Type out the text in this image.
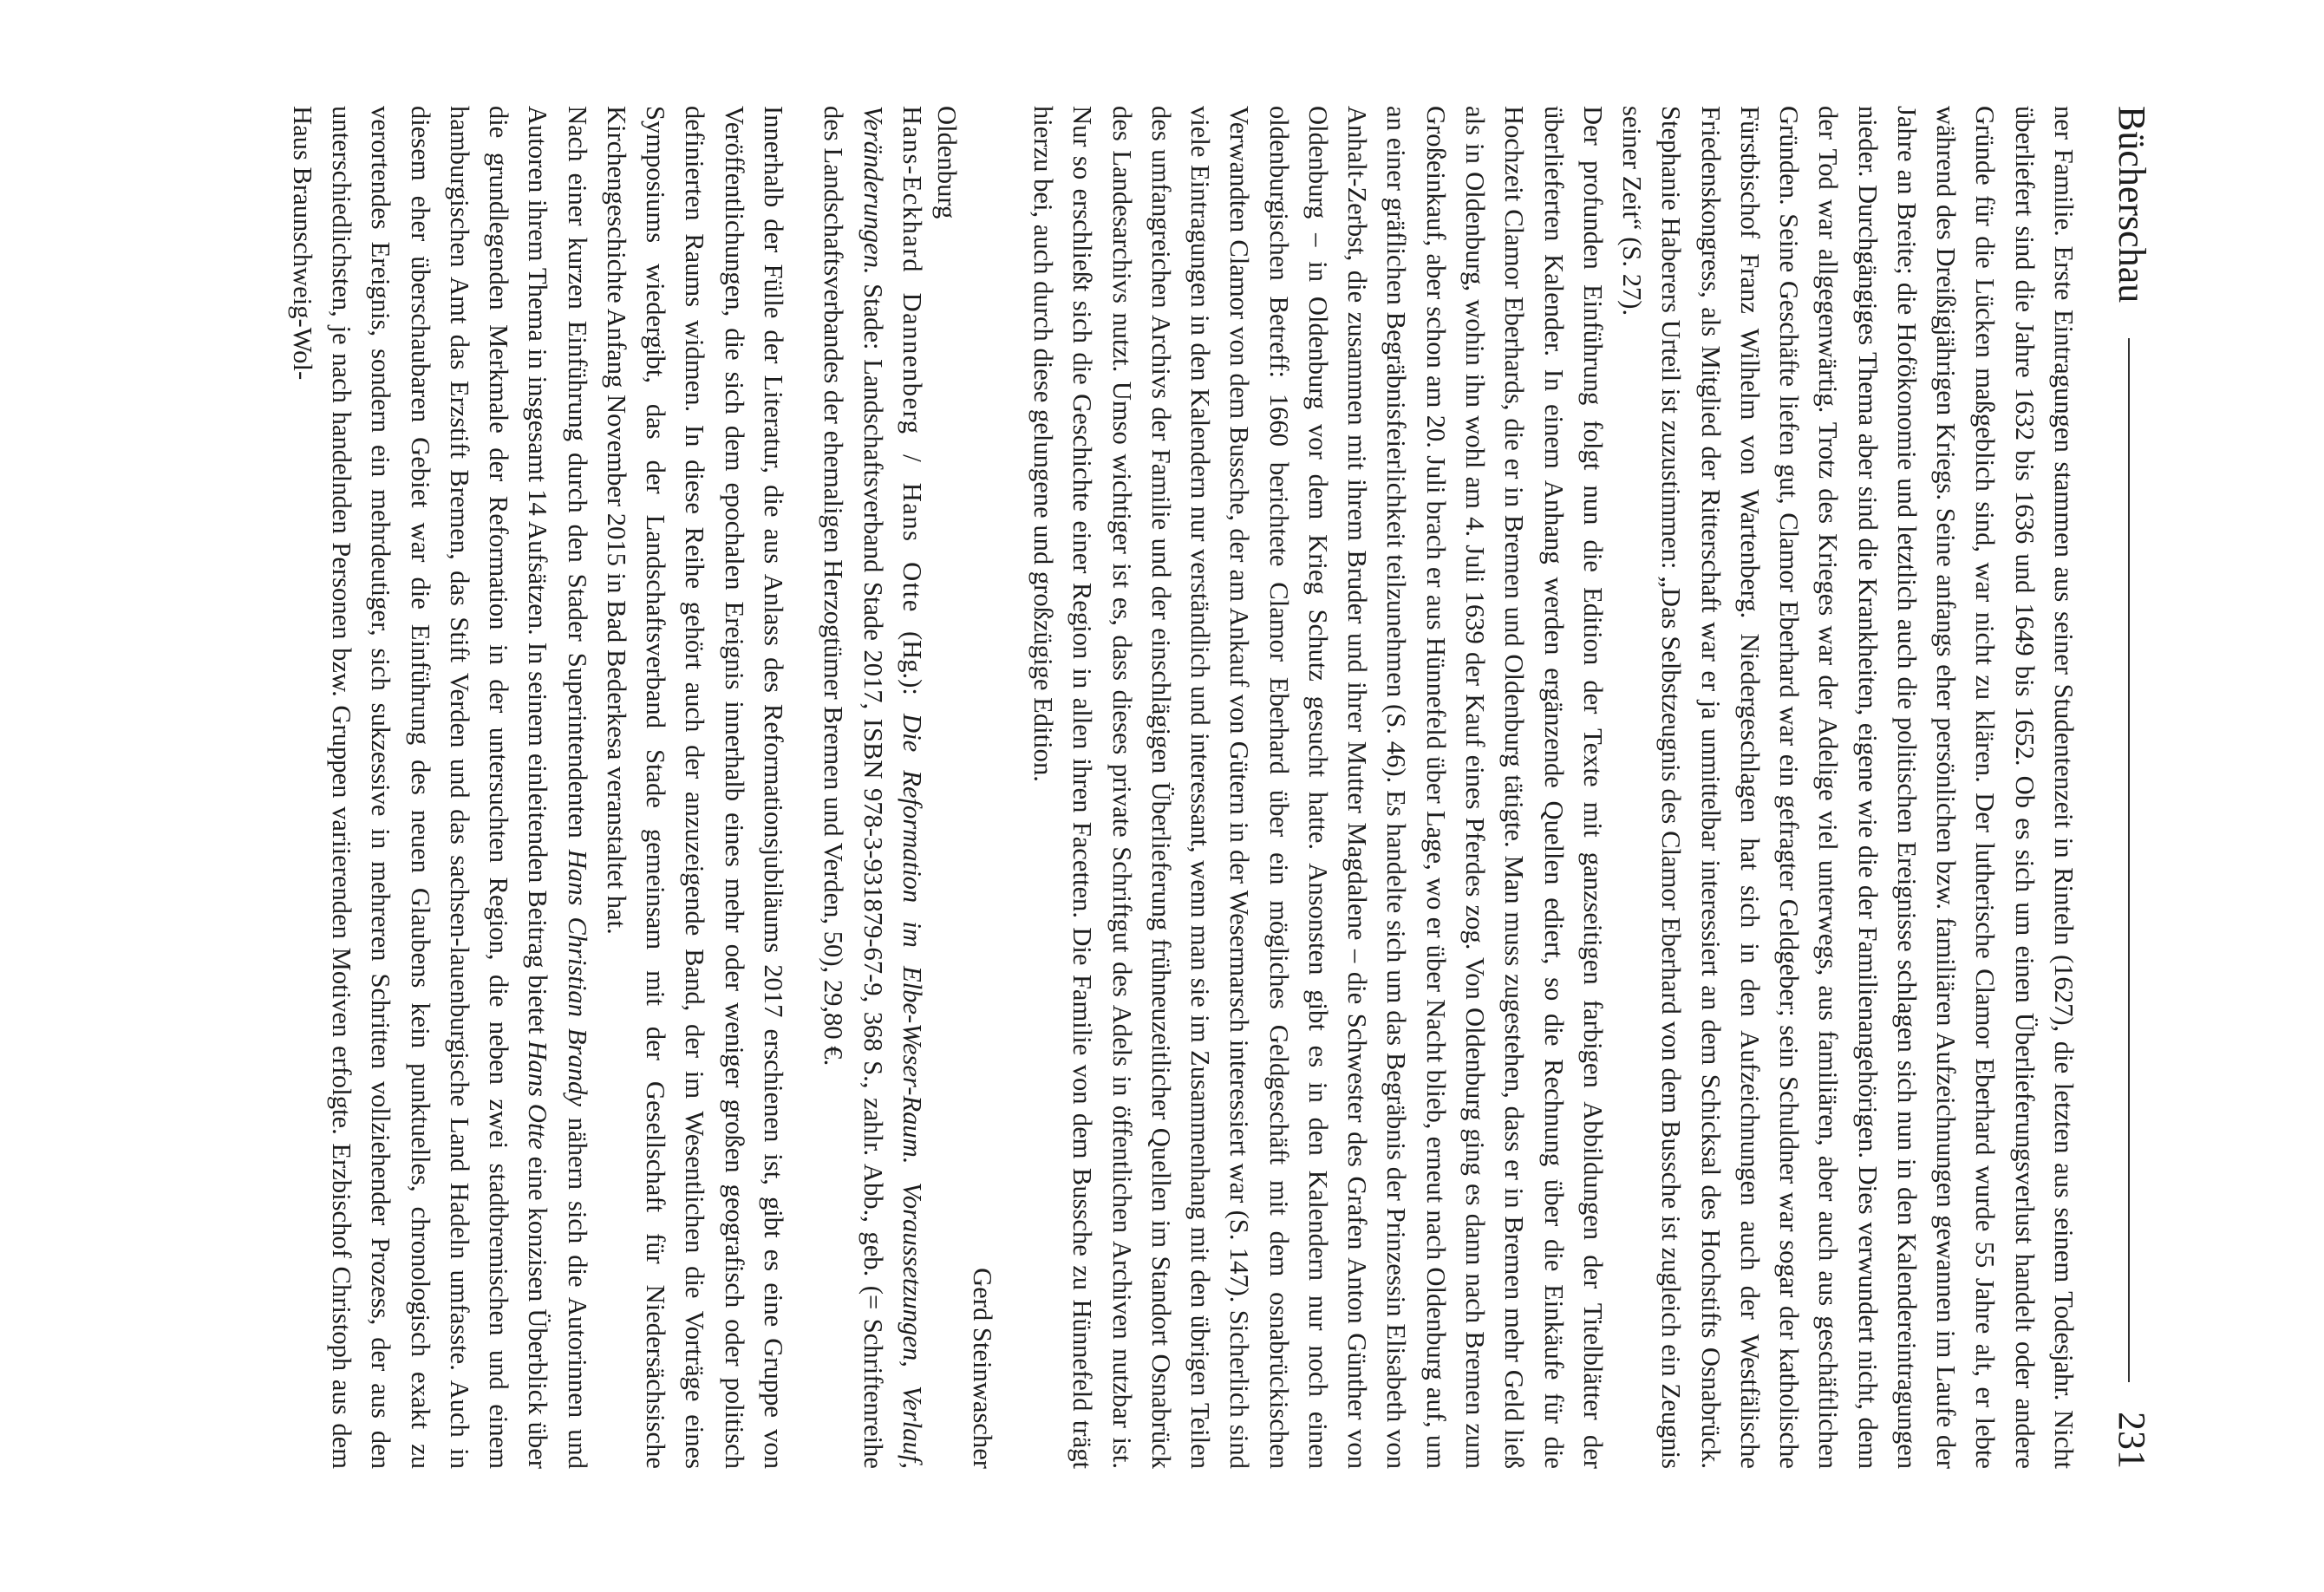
Bücherschau
231

ner Familie. Erste Eintragungen stammen aus seiner Studentenzeit in Rinteln (1627), die letzten aus seinem Todesjahr. Nicht überliefert sind die Jahre 1632 bis 1636 und 1649 bis 1652. Ob es sich um einen Überlieferungsverlust handelt oder andere Gründe für die Lücken maßgeblich sind, war nicht zu klären. Der lutherische Clamor Eberhard wurde 55 Jahre alt, er lebte während des Dreißigjährigen Kriegs. Seine anfangs eher persönlichen bzw. familiären Aufzeichnungen gewannen im Laufe der Jahre an Breite; die Hofökonomie und letztlich auch die politischen Ereignisse schlagen sich nun in den Kalendereintragungen nieder. Durchgängiges Thema aber sind die Krankheiten, eigene wie die der Familienangehörigen. Dies verwundert nicht, denn der Tod war allgegenwärtig. Trotz des Krieges war der Adelige viel unterwegs, aus familiären, aber auch aus geschäftlichen Gründen. Seine Geschäfte liefen gut, Clamor Eberhard war ein gefragter Geldgeber; sein Schuldner war sogar der katholische Fürstbischof Franz Wilhelm von Wartenberg. Niedergeschlagen hat sich in den Aufzeichnungen auch der Westfälische Friedenskongress, als Mitglied der Ritterschaft war er ja unmittelbar interessiert an dem Schicksal des Hochstifts Osnabrück. Stephanie Haberers Urteil ist zuzustimmen: „Das Selbstzeugnis des Clamor Eberhard von dem Bussche ist zugleich ein Zeugnis seiner Zeit“ (S. 27).

Der profunden Einführung folgt nun die Edition der Texte mit ganzseitigen farbigen Abbildungen der Titelblätter der überlieferten Kalender. In einem Anhang werden ergänzende Quellen ediert, so die Rechnung über die Einkäufe für die Hochzeit Clamor Eberhards, die er in Bremen und Oldenburg tätigte. Man muss zugestehen, dass er in Bremen mehr Geld ließ als in Oldenburg, wohin ihn wohl am 4. Juli 1639 der Kauf eines Pferdes zog. Von Oldenburg ging es dann nach Bremen zum Großeinkauf, aber schon am 20. Juli brach er aus Hünnefeld über Lage, wo er über Nacht blieb, erneut nach Oldenburg auf, um an einer gräflichen Begräbnisfeierlichkeit teilzunehmen (S. 46). Es handelte sich um das Begräbnis der Prinzessin Elisabeth von Anhalt-Zerbst, die zusammen mit ihrem Bruder und ihrer Mutter Magdalene – die Schwester des Grafen Anton Günther von Oldenburg – in Oldenburg vor dem Krieg Schutz gesucht hatte. Ansonsten gibt es in den Kalendern nur noch einen oldenburgischen Betreff: 1660 berichtete Clamor Eberhard über ein mögliches Geldgeschäft mit dem osnabrückischen Verwandten Clamor von dem Bussche, der am Ankauf von Gütern in der Wesermarsch interessiert war (S. 147). Sicherlich sind viele Eintragungen in den Kalendern nur verständlich und interessant, wenn man sie im Zusammenhang mit den übrigen Teilen des umfangreichen Archivs der Familie und der einschlägigen Überlieferung frühneuzeitlicher Quellen im Standort Osnabrück des Landesarchivs nutzt. Umso wichtiger ist es, dass dieses private Schriftgut des Adels in öffentlichen Archiven nutzbar ist. Nur so erschließt sich die Geschichte einer Region in allen ihren Facetten. Die Familie von dem Bussche zu Hünnefeld trägt hierzu bei, auch durch diese gelungene und großzügige Edition.

Gerd Steinwascher
Oldenburg

Hans-Eckhard Dannenberg / Hans Otte (Hg.): Die Reformation im Elbe-Weser-Raum. Voraussetzungen, Verlauf, Veränderungen. Stade: Landschaftsverband Stade 2017, ISBN 978-3-931879-67-9, 368 S., zahlr. Abb., geb. (= Schriftenreihe des Landschaftsverbandes der ehemaligen Herzogtümer Bremen und Verden, 50), 29,80 €.

Innerhalb der Fülle der Literatur, die aus Anlass des Reformationsjubiläums 2017 erschienen ist, gibt es eine Gruppe von Veröffentlichungen, die sich dem epochalen Ereignis innerhalb eines mehr oder weniger großen geografisch oder politisch definierten Raums widmen. In diese Reihe gehört auch der anzuzeigende Band, der im Wesentlichen die Vorträge eines Symposiums wiedergibt, das der Landschaftsverband Stade gemeinsam mit der Gesellschaft für Niedersächsische Kirchengeschichte Anfang November 2015 in Bad Bederkesa veranstaltet hat.

Nach einer kurzen Einführung durch den Stader Superintendenten Hans Christian Brandy nähern sich die Autorinnen und Autoren ihrem Thema in insgesamt 14 Aufsätzen. In seinem einleitenden Beitrag bietet Hans Otte eine konzisen Überblick über die grundlegenden Merkmale der Reformation in der untersuchten Region, die neben zwei stadtbremischen und einem hamburgischen Amt das Erzstift Bremen, das Stift Verden und das sachsen-lauenburgische Land Hadeln umfasste. Auch in diesem eher überschaubaren Gebiet war die Einführung des neuen Glaubens kein punktuelles, chronologisch exakt zu verortendes Ereignis, sondern ein mehrdeutiger, sich sukzessive in mehreren Schritten vollziehender Prozess, der aus den unterschiedlichsten, je nach handelnden Personen bzw. Gruppen variierenden Motiven erfolgte. Erzbischof Christoph aus dem Haus Braunschweig-Wol-
